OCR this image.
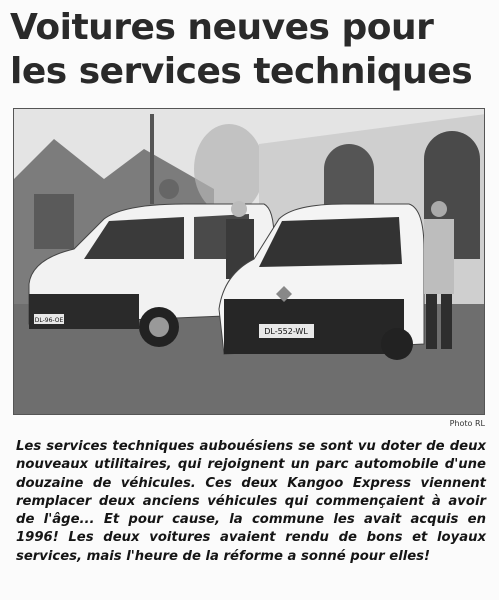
Voitures neuves pour
les services techniques
DL-96-OE
DL-552-WL
Photo RL

Les services techniques aubouésiens se sont vu doter de deux nouveaux utilitaires, qui rejoignent un parc automobile d'une douzaine de véhicules. Ces deux Kangoo Express viennent remplacer deux anciens véhicules qui commençaient à avoir de l'âge... Et pour cause, la commune les avait acquis en 1996! Les deux voitures avaient rendu de bons et loyaux services, mais l'heure de la réforme a sonné pour elles!
